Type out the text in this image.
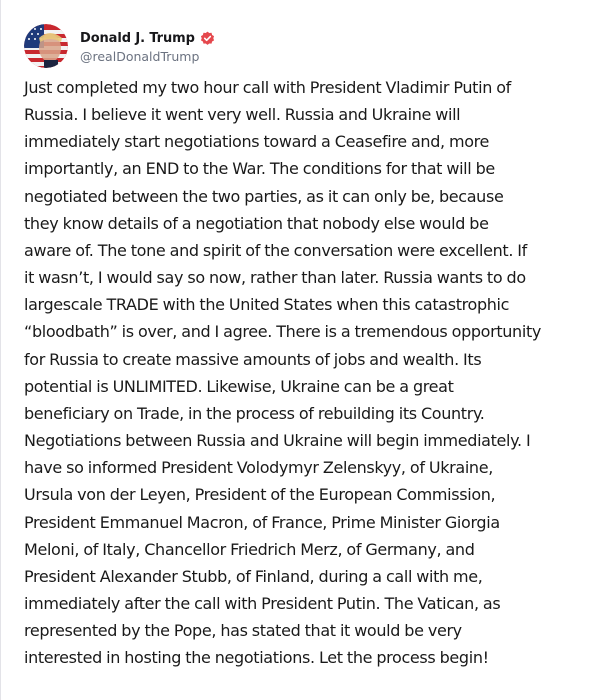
Donald J. Trump
@realDonaldTrump

Just completed my two hour call with President Vladimir Putin of
Russia. I believe it went very well. Russia and Ukraine will
immediately start negotiations toward a Ceasefire and, more
importantly, an END to the War. The conditions for that will be
negotiated between the two parties, as it can only be, because
they know details of a negotiation that nobody else would be
aware of. The tone and spirit of the conversation were excellent. If
it wasn’t, I would say so now, rather than later. Russia wants to do
largescale TRADE with the United States when this catastrophic
“bloodbath” is over, and I agree. There is a tremendous opportunity
for Russia to create massive amounts of jobs and wealth. Its
potential is UNLIMITED. Likewise, Ukraine can be a great
beneficiary on Trade, in the process of rebuilding its Country.
Negotiations between Russia and Ukraine will begin immediately. I
have so informed President Volodymyr Zelenskyy, of Ukraine,
Ursula von der Leyen, President of the European Commission,
President Emmanuel Macron, of France, Prime Minister Giorgia
Meloni, of Italy, Chancellor Friedrich Merz, of Germany, and
President Alexander Stubb, of Finland, during a call with me,
immediately after the call with President Putin. The Vatican, as
represented by the Pope, has stated that it would be very
interested in hosting the negotiations. Let the process begin!
